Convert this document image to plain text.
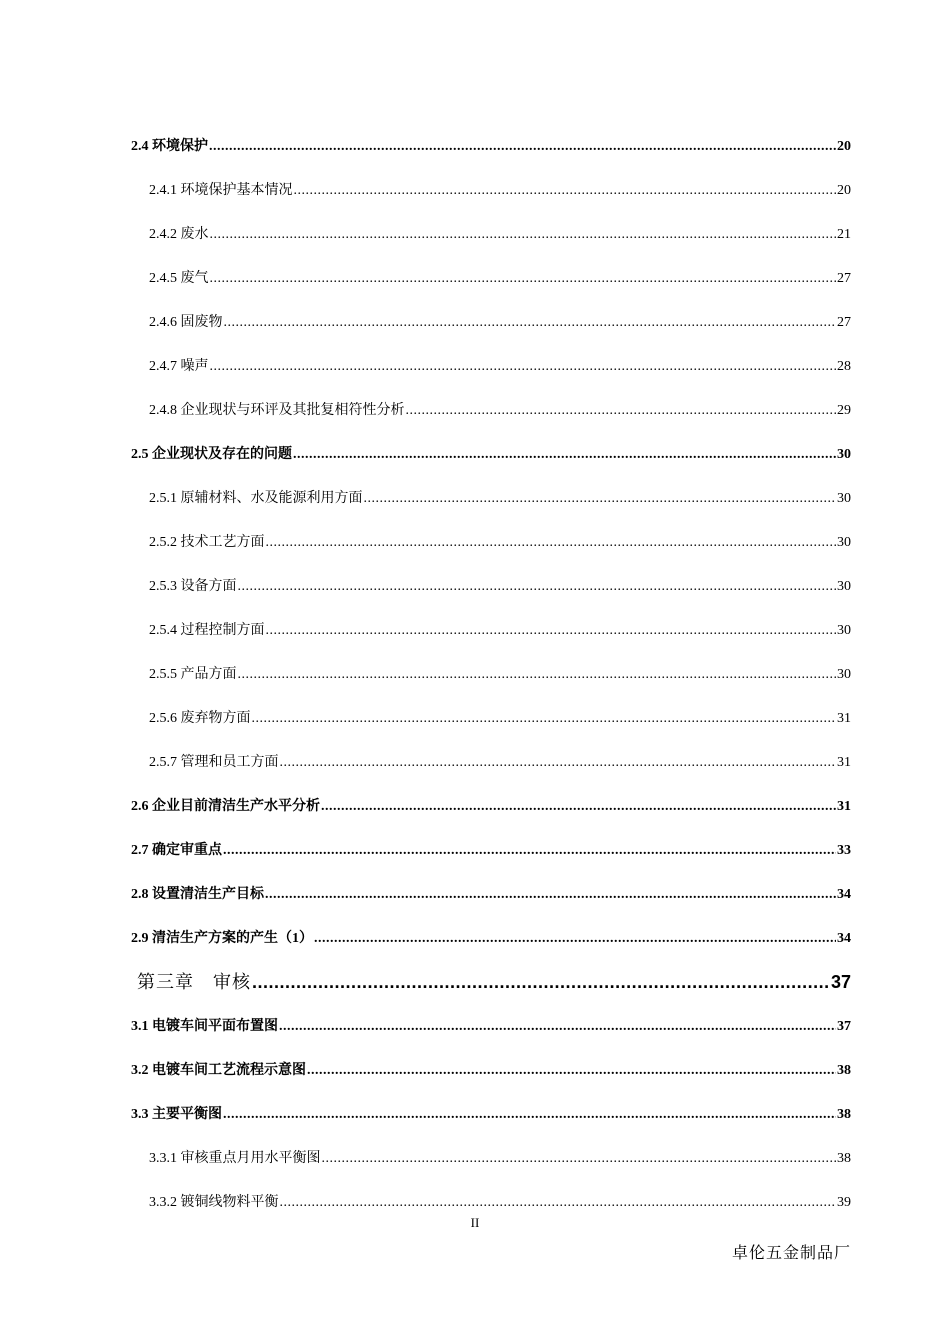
2.4 环境保护 .....	20
2.4.1 环境保护基本情况 .....	20
2.4.2 废水 .....	21
2.4.5 废气 .....	27
2.4.6 固废物 .....	27
2.4.7 噪声 .....	28
2.4.8 企业现状与环评及其批复相符性分析 .....	29
2.5 企业现状及存在的问题 .....	30
2.5.1 原辅材料、水及能源利用方面 .....	30
2.5.2 技术工艺方面 .....	30
2.5.3 设备方面 .....	30
2.5.4 过程控制方面 .....	30
2.5.5 产品方面 .....	30
2.5.6 废弃物方面 .....	31
2.5.7 管理和员工方面 .....	31
2.6 企业目前清洁生产水平分析 .....	31
2.7 确定审重点 .....	33
2.8 设置清洁生产目标 .....	34
2.9 清洁生产方案的产生（1） .....	34
第三章　审核 .....	37
3.1 电镀车间平面布置图 .....	37
3.2 电镀车间工艺流程示意图 .....	38
3.3 主要平衡图 .....	38
3.3.1 审核重点月用水平衡图 .....	38
3.3.2 镀铜线物料平衡 .....	39
II
卓伦五金制品厂
